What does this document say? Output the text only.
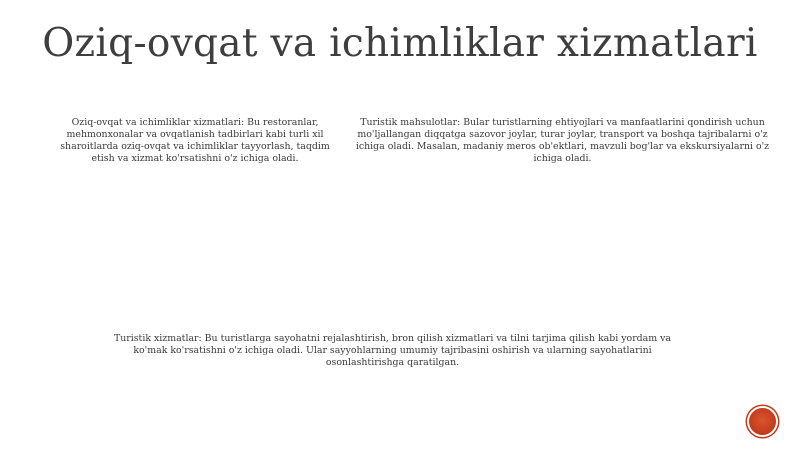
Oziq-ovqat va ichimliklar xizmatlari
Oziq-ovqat va ichimliklar xizmatlari: Bu restoranlar, mehmonxonalar va ovqatlanish tadbirlari kabi turli xil sharoitlarda oziq-ovqat va ichimliklar tayyorlash, taqdim etish va xizmat ko'rsatishni o'z ichiga oladi.
Turistik mahsulotlar: Bular turistlarning ehtiyojlari va manfaatlarini qondirish uchun mo'ljallangan diqqatga sazovor joylar, turar joylar, transport va boshqa tajribalarni o'z ichiga oladi. Masalan, madaniy meros ob'ektlari, mavzuli bog'lar va ekskursiyalarni o'z ichiga oladi.
Turistik xizmatlar: Bu turistlarga sayohatni rejalashtirish, bron qilish xizmatlari va tilni tarjima qilish kabi yordam va ko'mak ko'rsatishni o'z ichiga oladi. Ular sayyohlarning umumiy tajribasini oshirish va ularning sayohatlarini osonlashtirishga qaratilgan.
